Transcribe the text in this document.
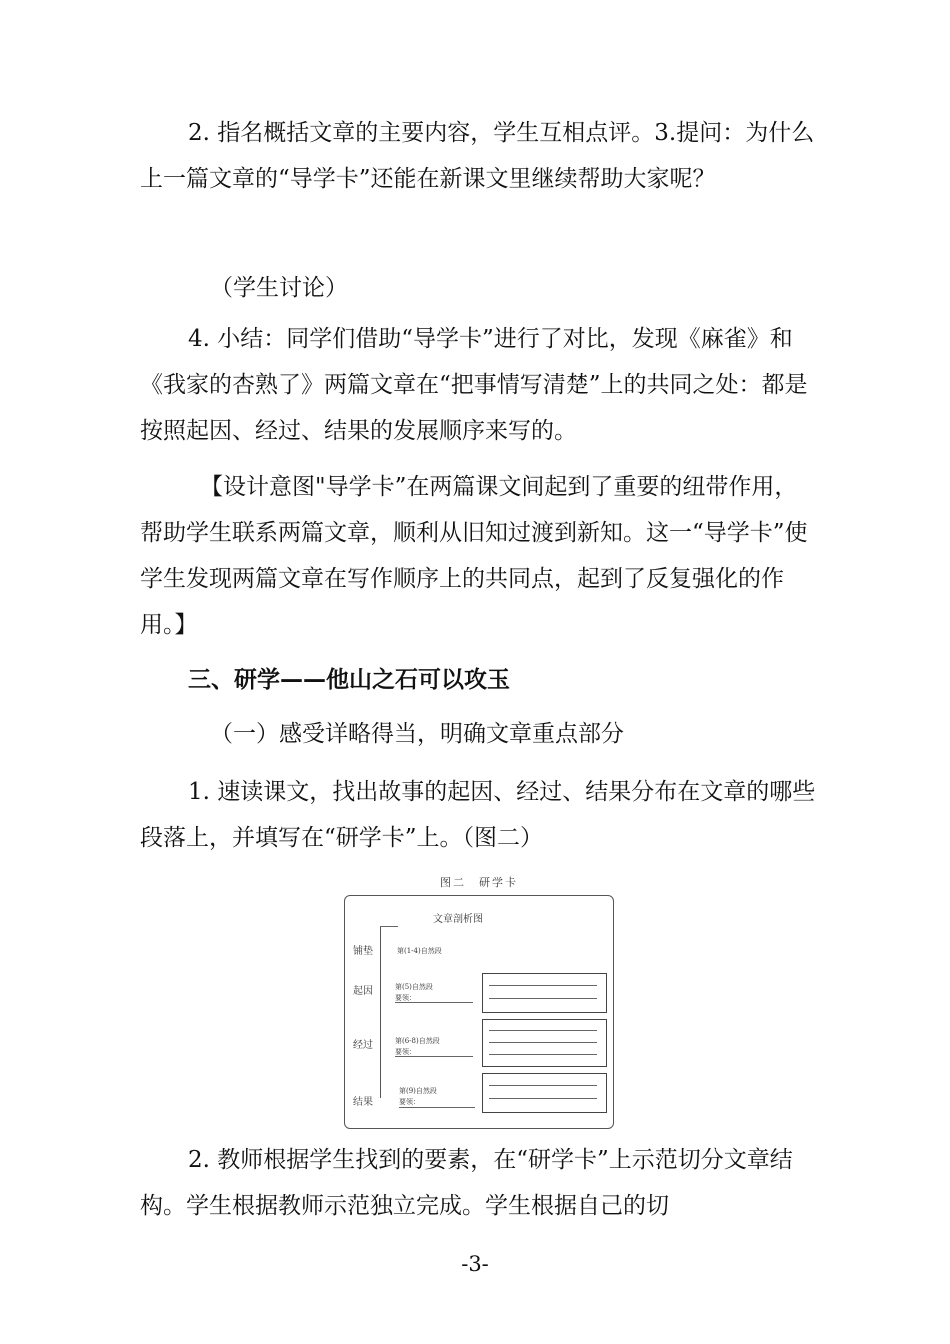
2. 指名概括文章的主要内容，学生互相点评。3.提问：为什么上一篇文章的“导学卡”还能在新课文里继续帮助大家呢？

（学生讨论）

4. 小结：同学们借助“导学卡”进行了对比，发现《麻雀》和《我家的杏熟了》两篇文章在“把事情写清楚”上的共同之处：都是按照起因、经过、结果的发展顺序来写的。

【设计意图"导学卡”在两篇课文间起到了重要的纽带作用，帮助学生联系两篇文章，顺利从旧知过渡到新知。这一“导学卡”使学生发现两篇文章在写作顺序上的共同点，起到了反复强化的作用。】

三、研学——他山之石可以攻玉

（一）感受详略得当，明确文章重点部分

1. 速读课文，找出故事的起因、经过、结果分布在文章的哪些段落上，并填写在“研学卡”上。（图二）

图二　研学卡
文章剖析图
铺垫	第(1-4)自然段
起因	第(5)自然段
要领：
经过	第(6-8)自然段
要领：
结果
第(9)自然段
要领：

2. 教师根据学生找到的要素，在“研学卡”上示范切分文章结构。学生根据教师示范独立完成。学生根据自己的切

-3-
